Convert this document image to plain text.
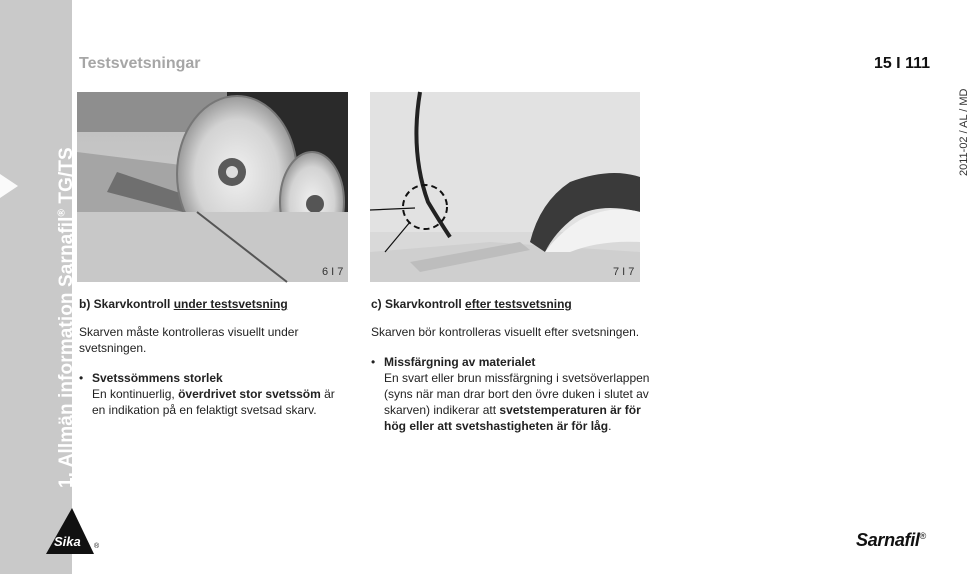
1. Allmän information Sarnafil® TG/TS
Sika ®
Testsvetsningar	15 I 111
2011-02 / AL / MD
6 I 7	7 I 7
b) Skarvkontroll under testsvetsning
Skarven måste kontrolleras visuellt under svetsningen.
• Svetssömmens storlek
En kontinuerlig, överdrivet stor svetssöm är en indikation på en felaktigt svetsad skarv.
c) Skarvkontroll efter testsvetsning
Skarven bör kontrolleras visuellt efter svetsningen.
• Missfärgning av materialet
En svart eller brun missfärgning i svetsöverlappen (syns när man drar bort den övre duken i slutet av skarven) indikerar att svetstemperaturen är för hög eller att svetshastigheten är för låg.
Sarnafil®
